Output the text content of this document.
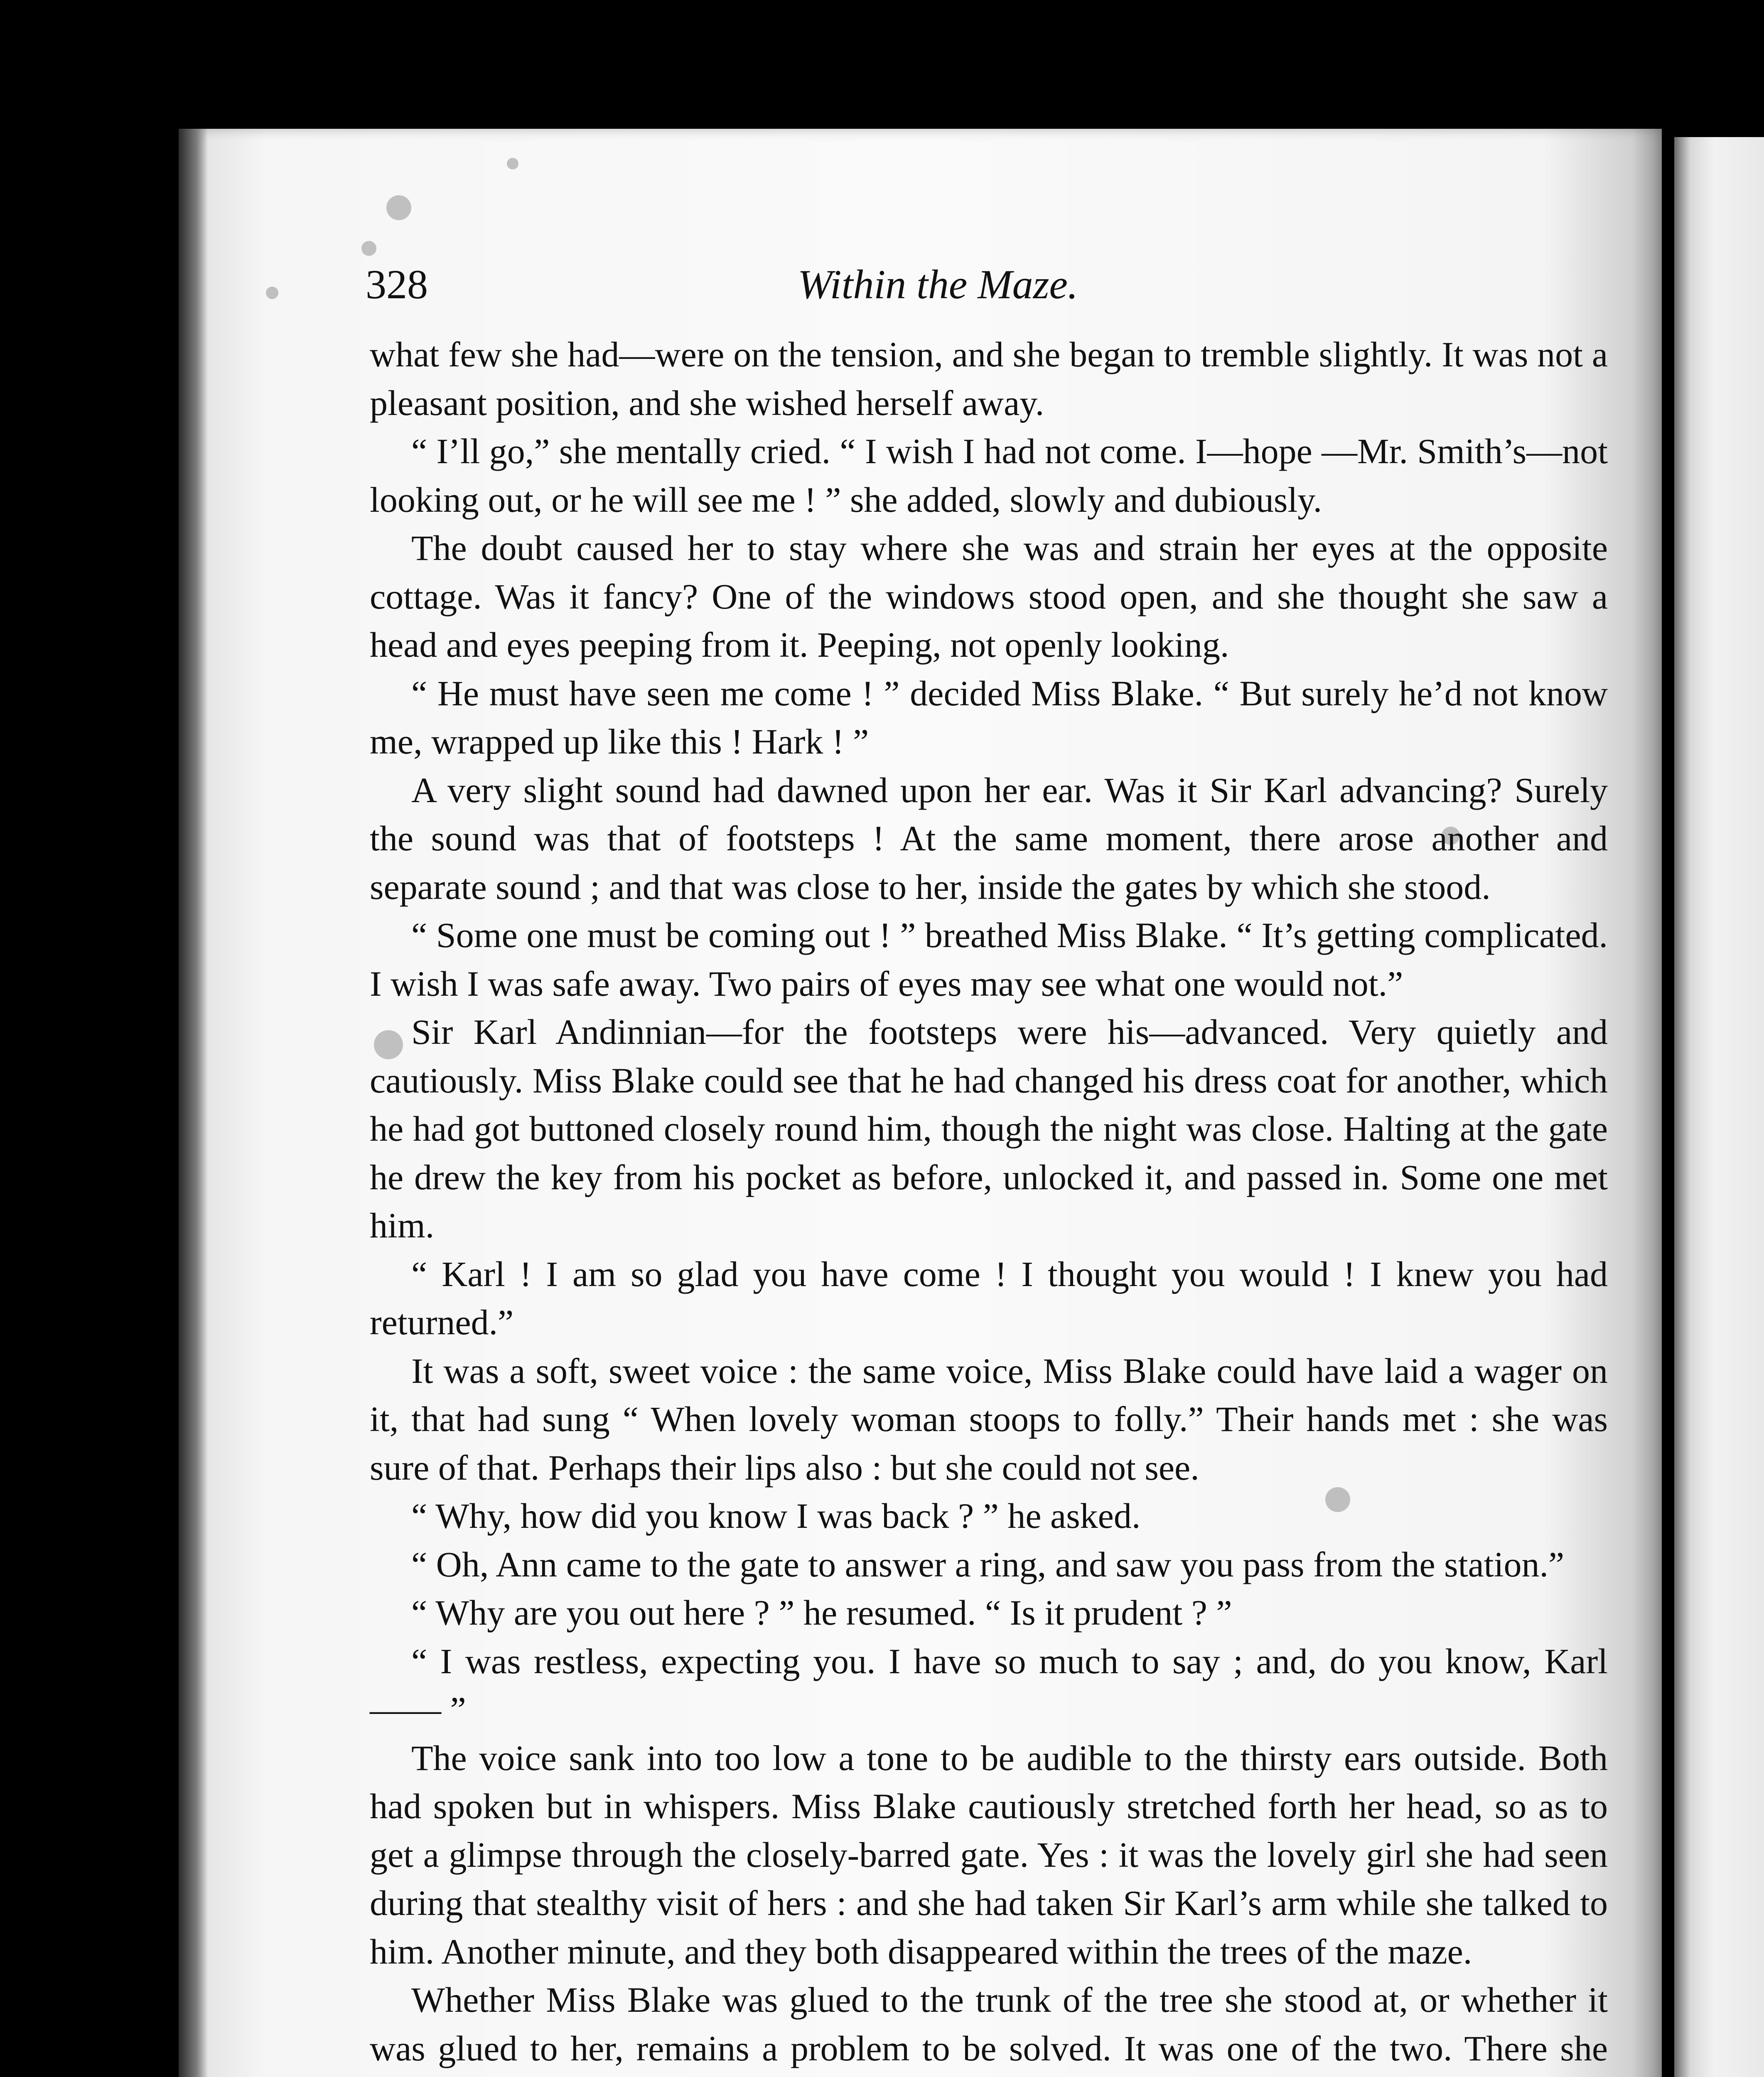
328	Within the Maze.

what few she had—were on the tension, and she began to tremble slightly. It was not a pleasant position, and she wished herself away.

“ I’ll go,” she mentally cried. “ I wish I had not come. I—hope —Mr. Smith’s—not looking out, or he will see me ! ” she added, slowly and dubiously.

The doubt caused her to stay where she was and strain her eyes at the opposite cottage. Was it fancy? One of the windows stood open, and she thought she saw a head and eyes peeping from it. Peeping, not openly looking.

“ He must have seen me come ! ” decided Miss Blake. “ But surely he’d not know me, wrapped up like this ! Hark ! ”

A very slight sound had dawned upon her ear. Was it Sir Karl advancing? Surely the sound was that of footsteps ! At the same moment, there arose another and separate sound ; and that was close to her, inside the gates by which she stood.

“ Some one must be coming out ! ” breathed Miss Blake. “ It’s getting complicated. I wish I was safe away. Two pairs of eyes may see what one would not.”

Sir Karl Andinnian—for the footsteps were his—advanced. Very quietly and cautiously. Miss Blake could see that he had changed his dress coat for another, which he had got buttoned closely round him, though the night was close. Halting at the gate he drew the key from his pocket as before, unlocked it, and passed in. Some one met him.

“ Karl ! I am so glad you have come ! I thought you would ! I knew you had returned.”

It was a soft, sweet voice : the same voice, Miss Blake could have laid a wager on it, that had sung “ When lovely woman stoops to folly.” Their hands met : she was sure of that. Perhaps their lips also : but she could not see.

“ Why, how did you know I was back ? ” he asked.

“ Oh, Ann came to the gate to answer a ring, and saw you pass from the station.”

“ Why are you out here ? ” he resumed. “ Is it prudent ? ”

“ I was restless, expecting you. I have so much to say ; and, do you know, Karl—— ”

The voice sank into too low a tone to be audible to the thirsty ears outside. Both had spoken but in whispers. Miss Blake cautiously stretched forth her head, so as to get a glimpse through the closely-barred gate. Yes : it was the lovely girl she had seen during that stealthy visit of hers : and she had taken Sir Karl’s arm while she talked to him. Another minute, and they both disappeared within the trees of the maze.

Whether Miss Blake was glued to the trunk of the tree she stood at, or whether it was glued to her, remains a problem to be solved. It was one of the two. There she
